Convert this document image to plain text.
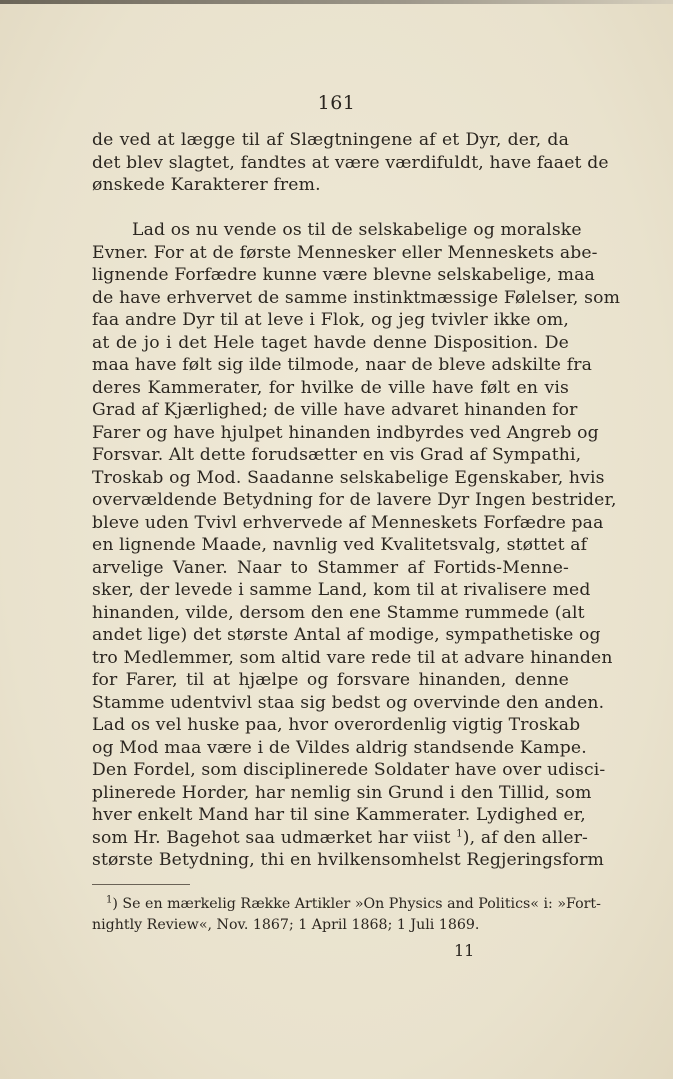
161
de ved at lægge til af Slægtningene af et Dyr, der, da
det blev slagtet, fandtes at være værdifuldt, have faaet de
ønskede Karakterer frem.
Lad os nu vende os til de selskabelige og moralske
Evner. For at de første Mennesker eller Menneskets abe-
lignende Forfædre kunne være blevne selskabelige, maa
de have erhvervet de samme instinktmæssige Følelser, som
faa andre Dyr til at leve i Flok, og jeg tvivler ikke om,
at de jo i det Hele taget havde denne Disposition. De
maa have følt sig ilde tilmode, naar de bleve adskilte fra
deres Kammerater, for hvilke de ville have følt en vis
Grad af Kjærlighed; de ville have advaret hinanden for
Farer og have hjulpet hinanden indbyrdes ved Angreb og
Forsvar. Alt dette forudsætter en vis Grad af Sympathi,
Troskab og Mod. Saadanne selskabelige Egenskaber, hvis
overvældende Betydning for de lavere Dyr Ingen bestrider,
bleve uden Tvivl erhvervede af Menneskets Forfædre paa
en lignende Maade, navnlig ved Kvalitetsvalg, støttet af
arvelige Vaner. Naar to Stammer af Fortids-Menne-
sker, der levede i samme Land, kom til at rivalisere med
hinanden, vilde, dersom den ene Stamme rummede (alt
andet lige) det største Antal af modige, sympathetiske og
tro Medlemmer, som altid vare rede til at advare hinanden
for Farer, til at hjælpe og forsvare hinanden, denne
Stamme udentvivl staa sig bedst og overvinde den anden.
Lad os vel huske paa, hvor overordenlig vigtig Troskab
og Mod maa være i de Vildes aldrig standsende Kampe.
Den Fordel, som disciplinerede Soldater have over udisci-
plinerede Horder, har nemlig sin Grund i den Tillid, som
hver enkelt Mand har til sine Kammerater. Lydighed er,
som Hr. Bagehot saa udmærket har viist $^1$), af den aller-
største Betydning, thi en hvilkensomhelst Regjeringsform
$^1$) Se en mærkelig Række Artikler »On Physics and Politics« i: »Fort-
nightly Review«, Nov. 1867; 1 April 1868; 1 Juli 1869.
11
